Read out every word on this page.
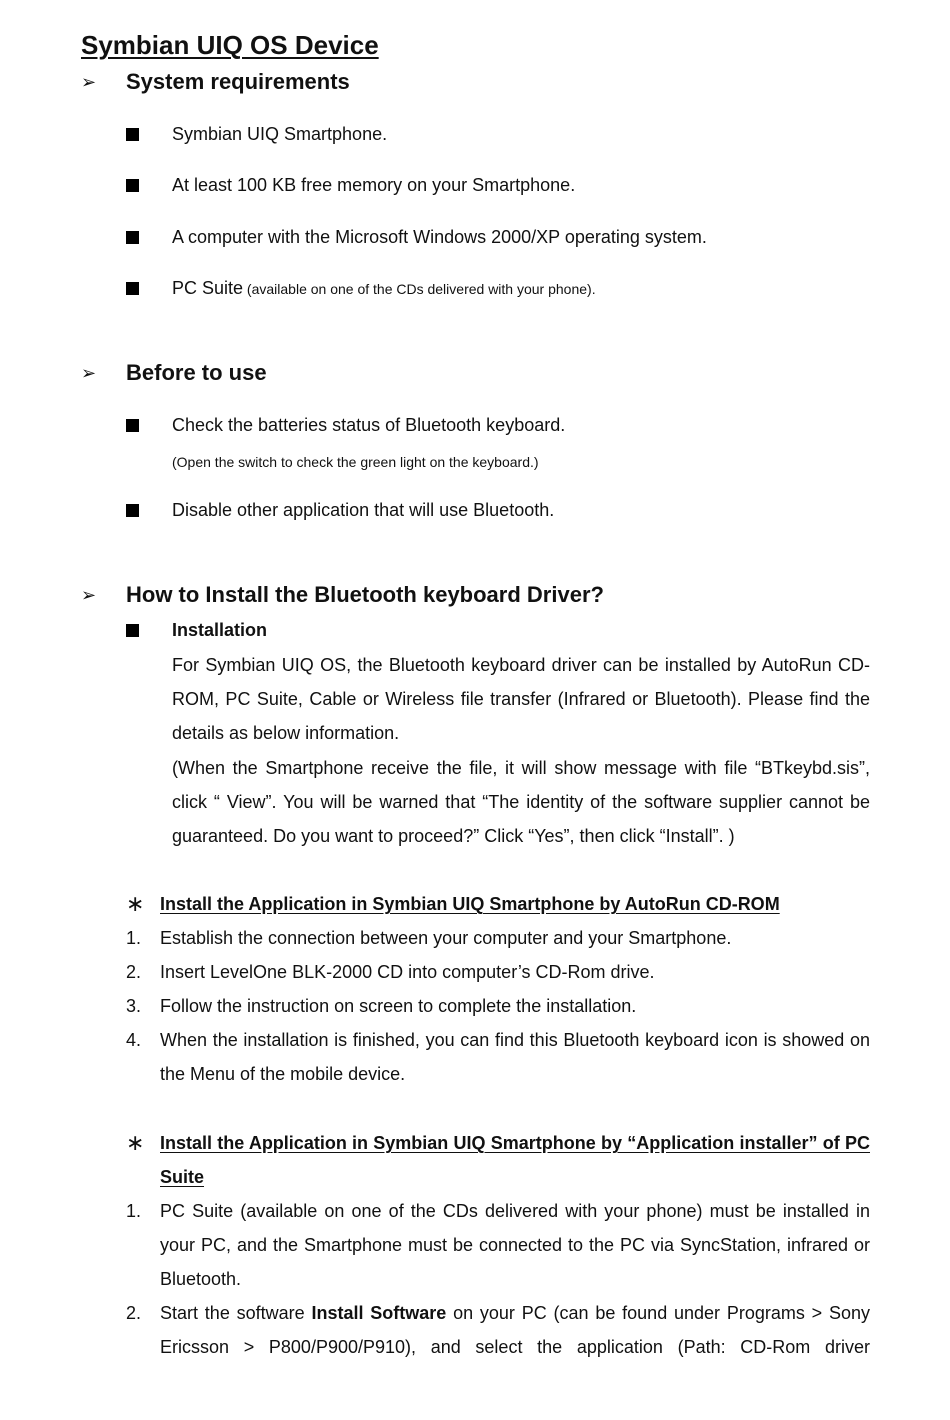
Symbian UIQ OS Device
➢	System requirements
Symbian UIQ Smartphone.
At least 100 KB free memory on your Smartphone.
A computer with the Microsoft Windows 2000/XP operating system.
PC Suite (available on one of the CDs delivered with your phone).
➢	Before to use
Check the batteries status of Bluetooth keyboard.
(Open the switch to check the green light on the keyboard.)
Disable other application that will use Bluetooth.
➢	How to Install the Bluetooth keyboard Driver?
Installation

For Symbian UIQ OS, the Bluetooth keyboard driver can be installed by AutoRun CD-ROM, PC Suite, Cable or Wireless file transfer (Infrared or Bluetooth). Please find the details as below information.

(When the Smartphone receive the file, it will show message with file “BTkeybd.sis”, click “ View”. You will be warned that “The identity of the software supplier cannot be guaranteed. Do you want to proceed?” Click “Yes”, then click “Install”. )

∗ Install the Application in Symbian UIQ Smartphone by AutoRun CD-ROM
1.	Establish the connection between your computer and your Smartphone.
2.	Insert LevelOne BLK-2000 CD into computer’s CD-Rom drive.
3.	Follow the instruction on screen to complete the installation.
4.	When the installation is finished, you can find this Bluetooth keyboard icon is showed on the Menu of the mobile device.
∗ Install the Application in Symbian UIQ Smartphone by “Application installer” of PC Suite
1.	PC Suite (available on one of the CDs delivered with your phone) must be installed in your PC, and the Smartphone must be connected to the PC via SyncStation, infrared or Bluetooth.
2.	Start the software Install Software on your PC (can be found under Programs > Sony Ericsson > P800/P900/P910), and select the application (Path: CD-Rom driver
